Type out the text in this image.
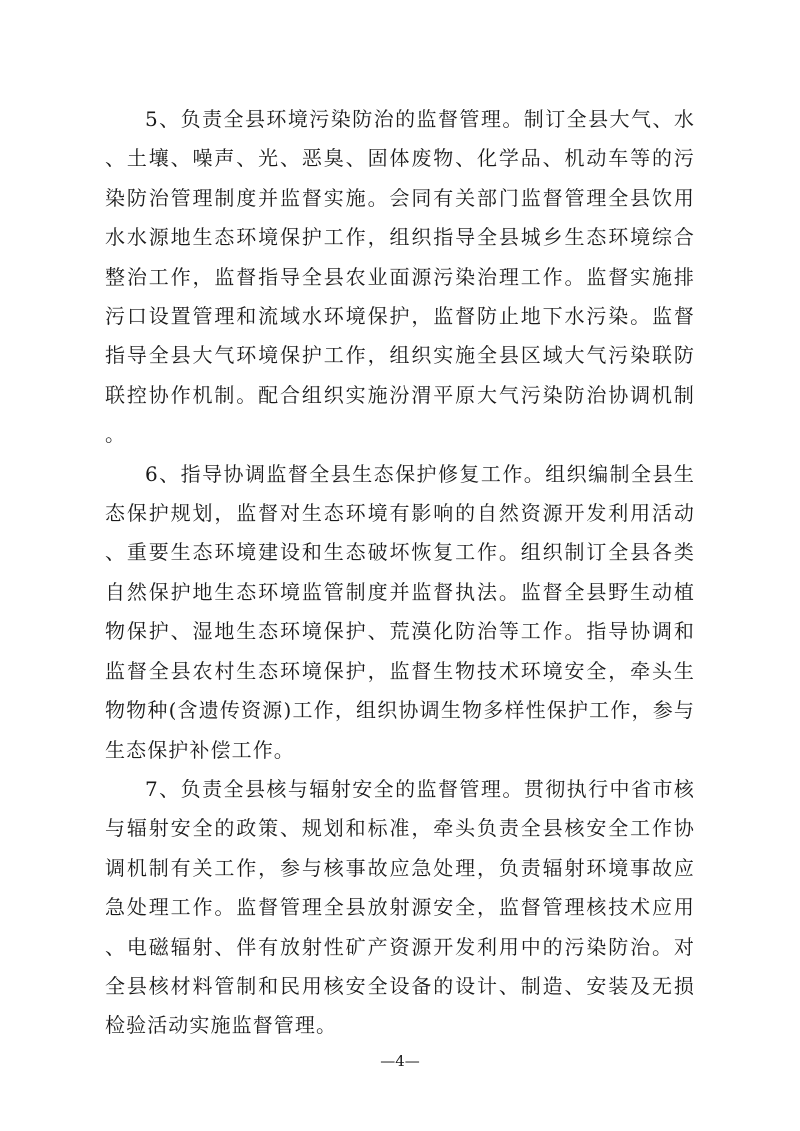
5、负责全县环境污染防治的监督管理。制订全县大气、水、土壤、噪声、光、恶臭、固体废物、化学品、机动车等的污染防治管理制度并监督实施。会同有关部门监督管理全县饮用水水源地生态环境保护工作，组织指导全县城乡生态环境综合整治工作，监督指导全县农业面源污染治理工作。监督实施排污口设置管理和流域水环境保护，监督防止地下水污染。监督指导全县大气环境保护工作，组织实施全县区域大气污染联防联控协作机制。配合组织实施汾渭平原大气污染防治协调机制。

6、指导协调监督全县生态保护修复工作。组织编制全县生态保护规划，监督对生态环境有影响的自然资源开发利用活动、重要生态环境建设和生态破坏恢复工作。组织制订全县各类自然保护地生态环境监管制度并监督执法。监督全县野生动植物保护、湿地生态环境保护、荒漠化防治等工作。指导协调和监督全县农村生态环境保护，监督生物技术环境安全，牵头生物物种(含遗传资源)工作，组织协调生物多样性保护工作，参与生态保护补偿工作。

7、负责全县核与辐射安全的监督管理。贯彻执行中省市核与辐射安全的政策、规划和标准，牵头负责全县核安全工作协调机制有关工作，参与核事故应急处理，负责辐射环境事故应急处理工作。监督管理全县放射源安全，监督管理核技术应用、电磁辐射、伴有放射性矿产资源开发利用中的污染防治。对全县核材料管制和民用核安全设备的设计、制造、安装及无损检验活动实施监督管理。

—4—
